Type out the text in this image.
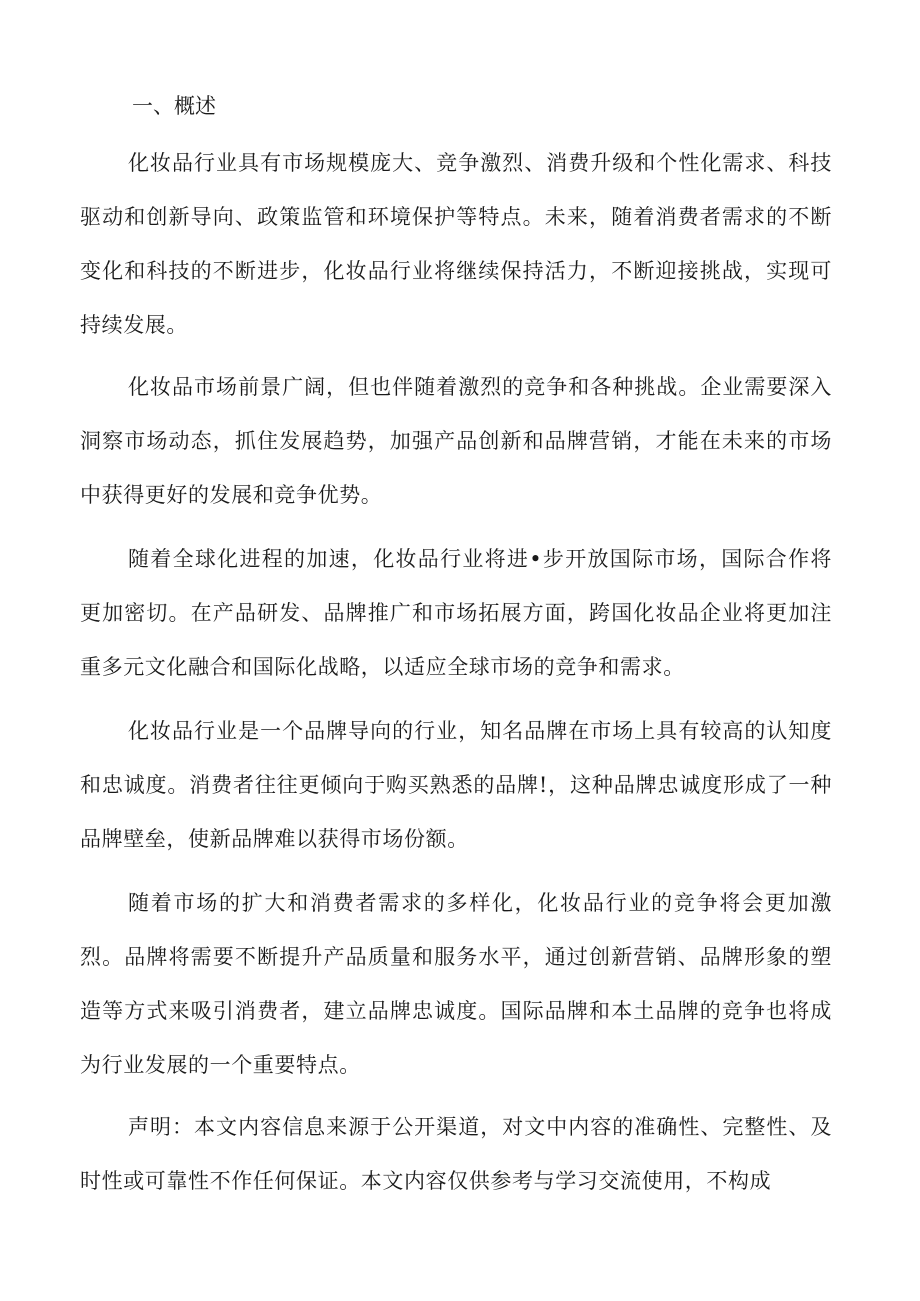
一、概述

化妆品行业具有市场规模庞大、竞争激烈、消费升级和个性化需求、科技驱动和创新导向、政策监管和环境保护等特点。未来，随着消费者需求的不断变化和科技的不断进步，化妆品行业将继续保持活力，不断迎接挑战，实现可持续发展。

化妆品市场前景广阔，但也伴随着激烈的竞争和各种挑战。企业需要深入洞察市场动态，抓住发展趋势，加强产品创新和品牌营销，才能在未来的市场中获得更好的发展和竞争优势。

随着全球化进程的加速，化妆品行业将进•步开放国际市场，国际合作将更加密切。在产品研发、品牌推广和市场拓展方面，跨国化妆品企业将更加注重多元文化融合和国际化战略，以适应全球市场的竞争和需求。

化妆品行业是一个品牌导向的行业，知名品牌在市场上具有较高的认知度和忠诚度。消费者往往更倾向于购买熟悉的品牌!，这种品牌忠诚度形成了一种品牌壁垒，使新品牌难以获得市场份额。

随着市场的扩大和消费者需求的多样化，化妆品行业的竞争将会更加激烈。品牌将需要不断提升产品质量和服务水平，通过创新营销、品牌形象的塑造等方式来吸引消费者，建立品牌忠诚度。国际品牌和本土品牌的竞争也将成为行业发展的一个重要特点。

声明：本文内容信息来源于公开渠道，对文中内容的准确性、完整性、及时性或可靠性不作任何保证。本文内容仅供参考与学习交流使用，不构成
